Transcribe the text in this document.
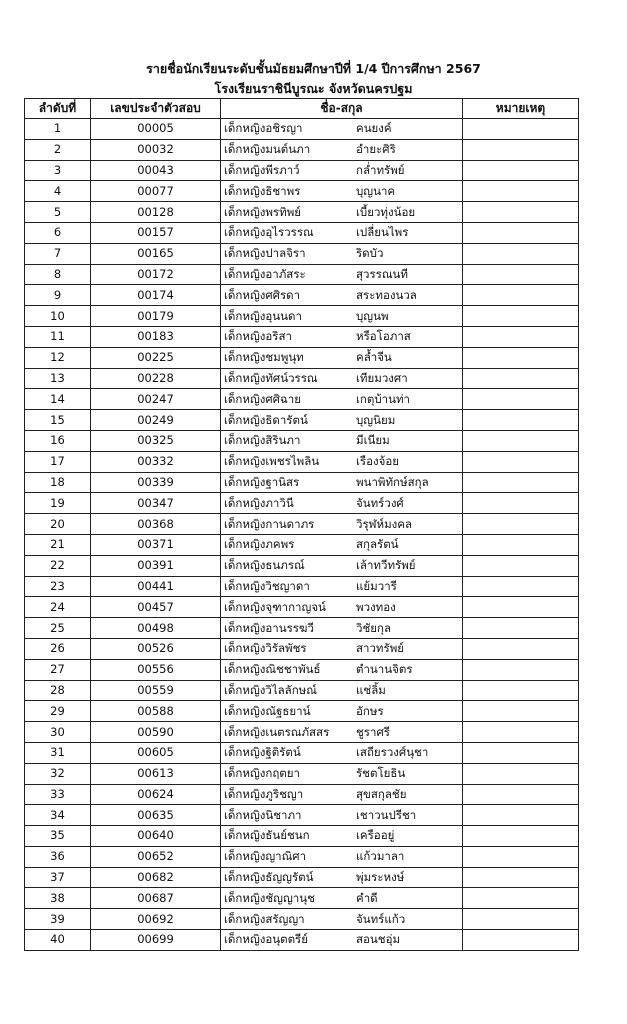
รายชื่อนักเรียนระดับชั้นมัธยมศึกษาปีที่ 1/4 ปีการศึกษา 2567
โรงเรียนราชินีบูรณะ จังหวัดนครปฐม
ลำดับที่	เลขประจำตัวสอบ	ชื่อ-สกุล	หมายเหตุ
1	00005	เด็กหญิงอชิรญา คนยงค์	
2	00032	เด็กหญิงมนต์นภา อำยะศิริ	
3	00043	เด็กหญิงพีรภาว์ กล่ำทรัพย์	
4	00077	เด็กหญิงธิชาพร บุญนาค	
5	00128	เด็กหญิงพรทิพย์ เบี้ยวทุ่งน้อย	
6	00157	เด็กหญิงอุไรวรรณ เปลี่ยนไพร	
7	00165	เด็กหญิงปาลจิรา ริดบัว	
8	00172	เด็กหญิงอาภัสระ สุวรรณนที	
9	00174	เด็กหญิงศศิรดา สระทองนวล	
10	00179	เด็กหญิงอุนนดา บุญนพ	
11	00183	เด็กหญิงอริสา หรือโอภาส	
12	00225	เด็กหญิงชมพูนุท คล้ำจีน	
13	00228	เด็กหญิงทัศน์วรรณ เทียมวงศา	
14	00247	เด็กหญิงศศิฉาย เกตุบ้านท่า	
15	00249	เด็กหญิงธิดารัตน์ บุญนิยม	
16	00325	เด็กหญิงสิรินภา มีเนียม	
17	00332	เด็กหญิงเพชรไพลิน เรืองจ้อย	
18	00339	เด็กหญิงฐานิสร พนาพิทักษ์สกุล	
19	00347	เด็กหญิงภาวินี จันทร์วงศ์	
20	00368	เด็กหญิงกานดาภร วิรุฬห์มงคล	
21	00371	เด็กหญิงภคพร สกุลรัตน์	
22	00391	เด็กหญิงธนภรณ์ เล้าทวีทรัพย์	
23	00441	เด็กหญิงวิชญาดา แย้มวารี	
24	00457	เด็กหญิงจุฑากาญจน์ พวงทอง	
25	00498	เด็กหญิงอานรรฆวี วิชัยกุล	
26	00526	เด็กหญิงวิรัลพัชร สาวทรัพย์	
27	00556	เด็กหญิงณิชชาพันธ์ ตำนานจิตร	
28	00559	เด็กหญิงวิไลลักษณ์ แช่ลิ้ม	
29	00588	เด็กหญิงณัฐธยาน์ อักษร	
30	00590	เด็กหญิงเนตรณภัสสร ชูราศรี	
31	00605	เด็กหญิงฐิติรัตน์ เสถียรวงศ์นุชา	
32	00613	เด็กหญิงกฤตยา รัชตโยธิน	
33	00624	เด็กหญิงภูริชญา สุขสกุลชัย	
34	00635	เด็กหญิงนิชาภา เชาวนปรีชา	
35	00640	เด็กหญิงธันย์ชนก เครืออยู่	
36	00652	เด็กหญิงญาณิศา แก้วมาลา	
37	00682	เด็กหญิงธัญญรัตน์ พุ่มระหงษ์	
38	00687	เด็กหญิงชัญญานุช คำดี	
39	00692	เด็กหญิงสรัญญา จันทร์แก้ว	
40	00699	เด็กหญิงอนุตตรีย์ สอนชอุ่ม	
